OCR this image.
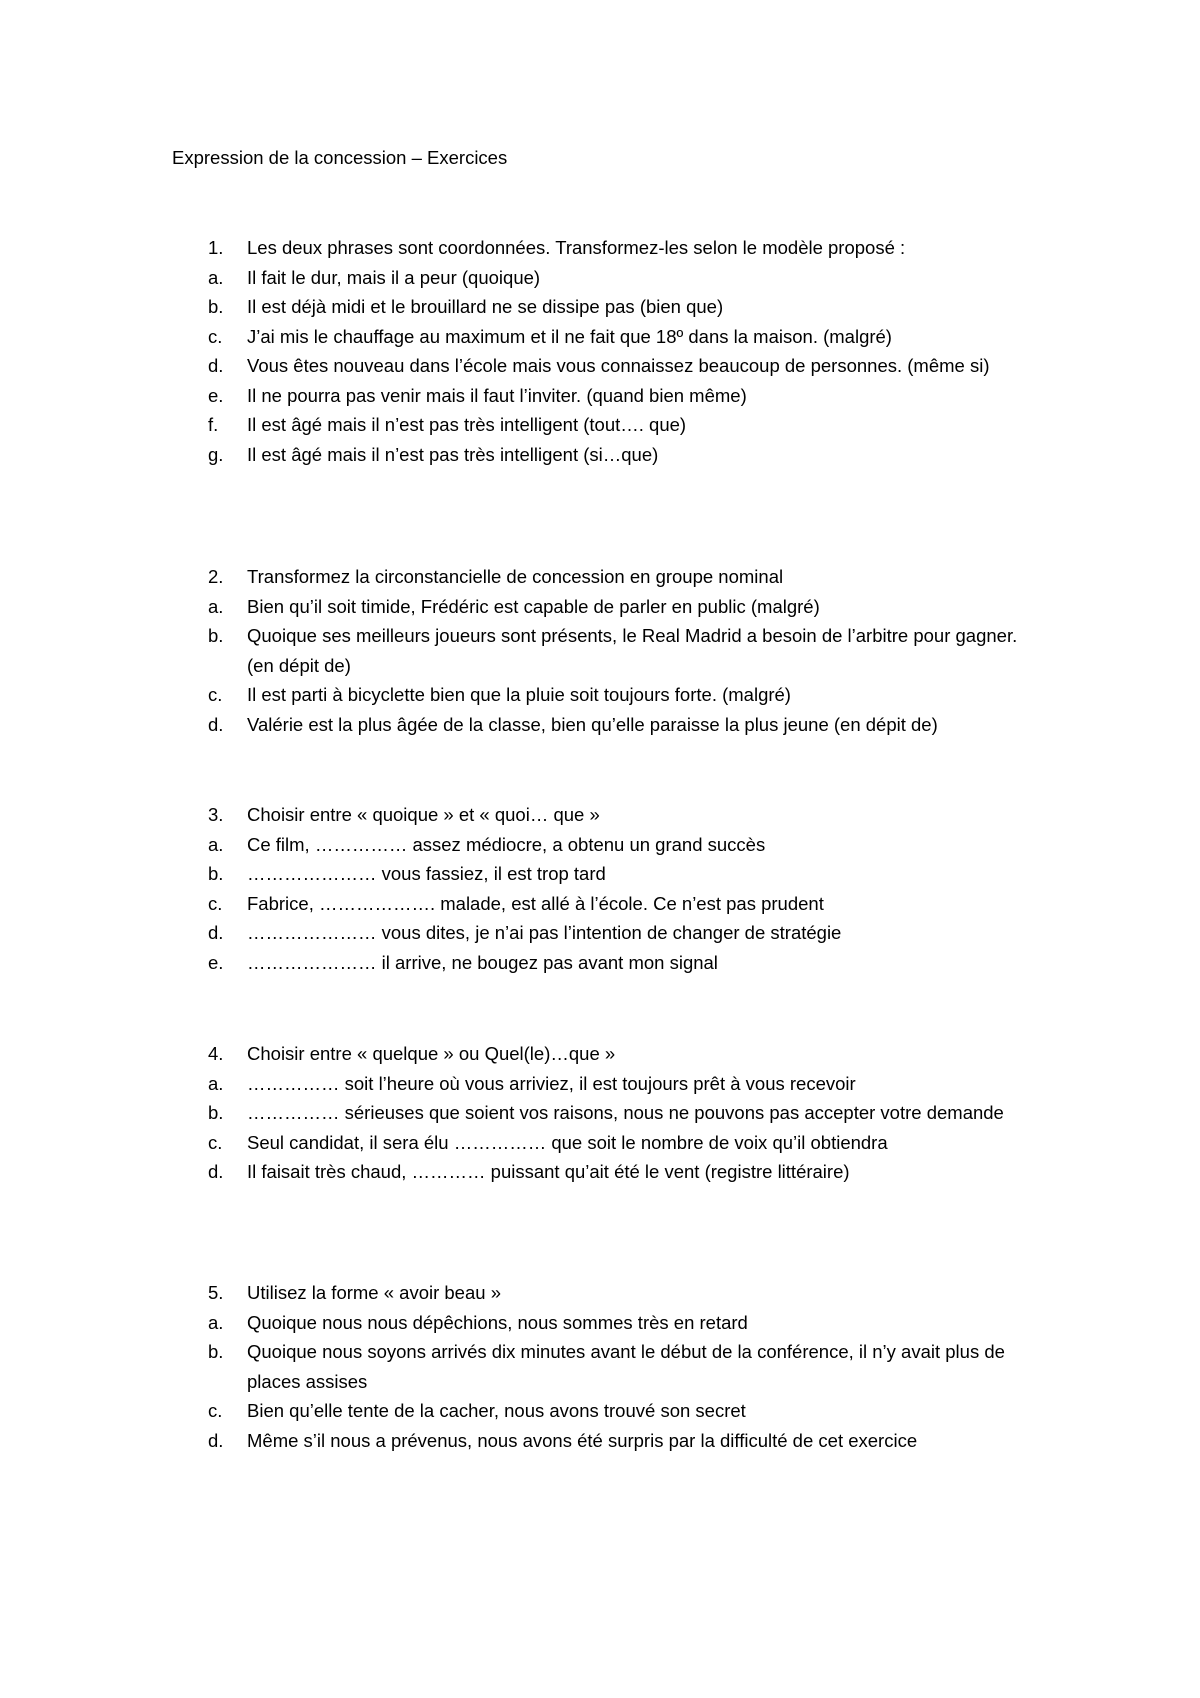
Expression de la concession – Exercices
1.	Les deux phrases sont coordonnées. Transformez-les selon le modèle proposé :
a.	Il fait le dur, mais il a peur (quoique)
b.	Il est déjà midi et le brouillard ne se dissipe pas (bien que)
c.	J’ai mis le chauffage au maximum et il ne fait que 18º dans la maison. (malgré)
d.	Vous êtes nouveau dans l’école mais vous connaissez beaucoup de personnes. (même si)
e.	Il ne pourra pas venir mais il faut l’inviter. (quand bien même)
f.	Il est âgé mais il n’est pas très intelligent (tout…. que)
g.	Il est âgé mais il n’est pas très intelligent (si…que)
2.	Transformez la circonstancielle de concession en groupe nominal
a.	Bien qu’il soit timide, Frédéric est capable de parler en public (malgré)
b.	Quoique ses meilleurs joueurs sont présents, le Real Madrid a besoin de l’arbitre pour gagner. (en dépit de)
c.	Il est parti à bicyclette bien que la pluie soit toujours forte. (malgré)
d.	Valérie est la plus âgée de la classe, bien qu’elle paraisse la plus jeune (en dépit de)
3.	Choisir entre « quoique » et « quoi… que »
a.	Ce film, …………… assez médiocre, a obtenu un grand succès
b.	………………… vous fassiez, il est trop tard
c.	Fabrice, ………………. malade, est allé à l’école. Ce n’est pas prudent
d.	………………… vous dites, je n’ai pas l’intention de changer de stratégie
e.	………………… il arrive, ne bougez pas avant mon signal
4.	Choisir entre « quelque » ou Quel(le)…que »
a.	…………… soit l’heure où vous arriviez, il est toujours prêt à vous recevoir
b.	…………… sérieuses que soient vos raisons, nous ne pouvons pas accepter votre demande
c.	Seul candidat, il sera élu …………… que soit le nombre de voix qu’il obtiendra
d.	Il faisait très chaud, ………… puissant qu’ait été le vent (registre littéraire)
5.	Utilisez la forme « avoir beau »
a.	Quoique nous nous dépêchions, nous sommes très en retard
b.	Quoique nous soyons arrivés dix minutes avant le début de la conférence, il n’y avait plus de places assises
c.	Bien qu’elle tente de la cacher, nous avons trouvé son secret
d.	Même s’il nous a prévenus, nous avons été surpris par la difficulté de cet exercice
